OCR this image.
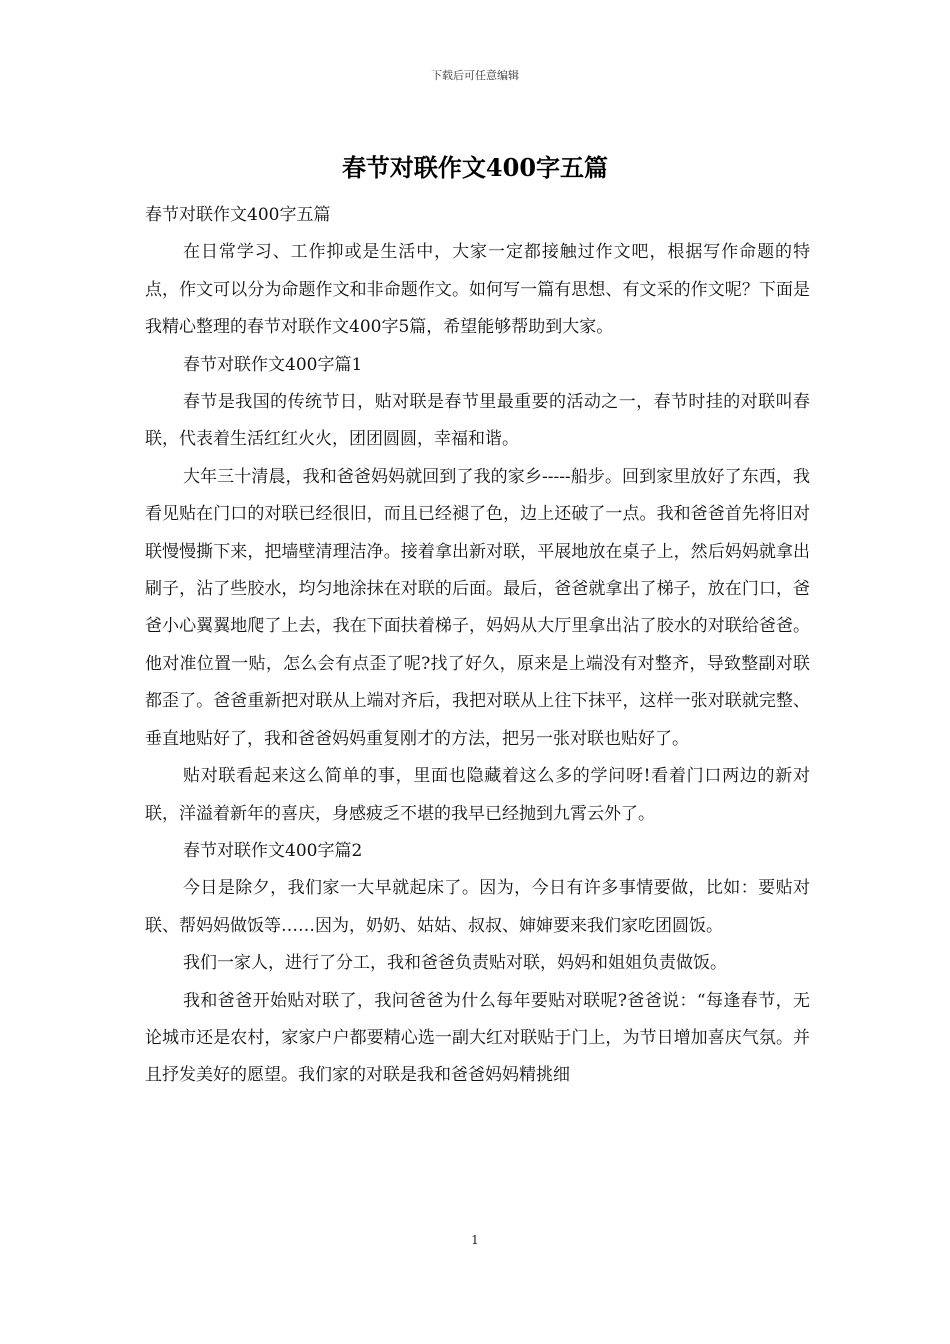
下载后可任意编辑
春节对联作文400字五篇

春节对联作文400字五篇

在日常学习、工作抑或是生活中，大家一定都接触过作文吧，根据写作命题的特点，作文可以分为命题作文和非命题作文。如何写一篇有思想、有文采的作文呢？下面是我精心整理的春节对联作文400字5篇，希望能够帮助到大家。

春节对联作文400字篇1

春节是我国的传统节日，贴对联是春节里最重要的活动之一，春节时挂的对联叫春联，代表着生活红红火火，团团圆圆，幸福和谐。

大年三十清晨，我和爸爸妈妈就回到了我的家乡-----船步。回到家里放好了东西，我看见贴在门口的对联已经很旧，而且已经褪了色，边上还破了一点。我和爸爸首先将旧对联慢慢撕下来，把墙壁清理洁净。接着拿出新对联，平展地放在桌子上，然后妈妈就拿出刷子，沾了些胶水，均匀地涂抹在对联的后面。最后，爸爸就拿出了梯子，放在门口，爸爸小心翼翼地爬了上去，我在下面扶着梯子，妈妈从大厅里拿出沾了胶水的对联给爸爸。他对准位置一贴，怎么会有点歪了呢?找了好久，原来是上端没有对整齐，导致整副对联都歪了。爸爸重新把对联从上端对齐后，我把对联从上往下抹平，这样一张对联就完整、垂直地贴好了，我和爸爸妈妈重复刚才的方法，把另一张对联也贴好了。

贴对联看起来这么简单的事，里面也隐藏着这么多的学问呀!看着门口两边的新对联，洋溢着新年的喜庆，身感疲乏不堪的我早已经抛到九霄云外了。

春节对联作文400字篇2

今日是除夕，我们家一大早就起床了。因为，今日有许多事情要做，比如：要贴对联、帮妈妈做饭等……因为，奶奶、姑姑、叔叔、婶婶要来我们家吃团圆饭。

我们一家人，进行了分工，我和爸爸负责贴对联，妈妈和姐姐负责做饭。

我和爸爸开始贴对联了，我问爸爸为什么每年要贴对联呢?爸爸说：“每逢春节，无论城市还是农村，家家户户都要精心选一副大红对联贴于门上，为节日增加喜庆气氛。并且抒发美好的愿望。我们家的对联是我和爸爸妈妈精挑细

1
